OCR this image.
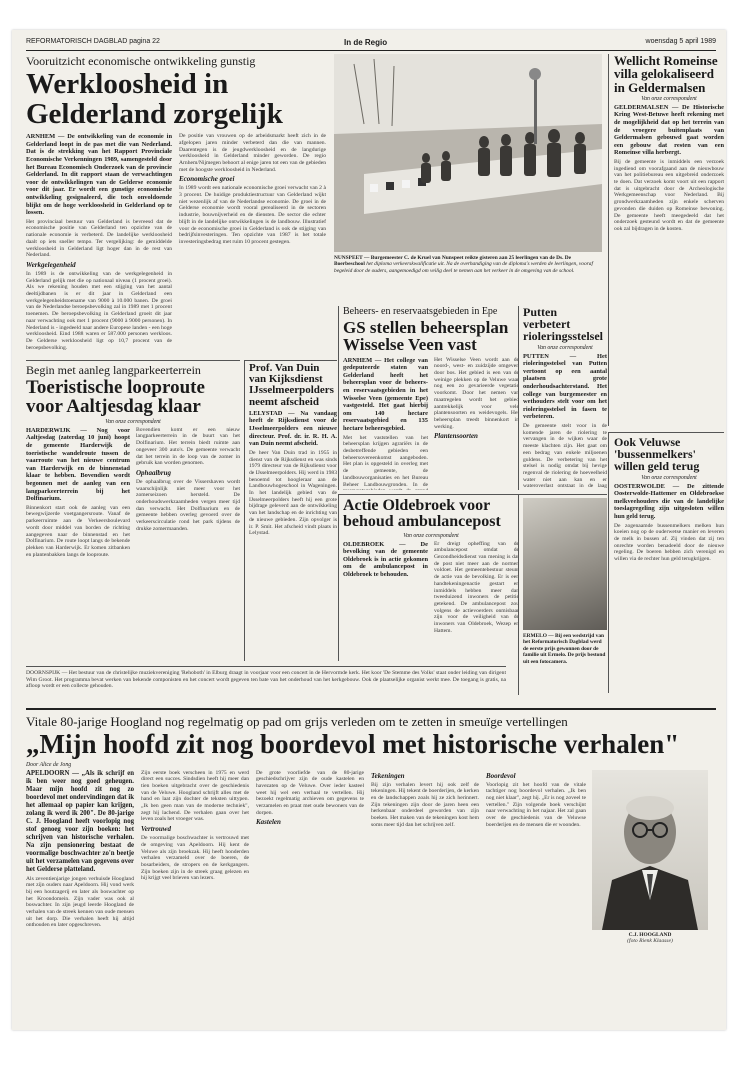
REFORMATORISCH DAGBLAD pagina 22	In de Regio	woensdag 5 april 1989
Vooruitzicht economische ontwikkeling gunstig
Werkloosheid in Gelderland zorgelijk
ARNHEM — De ontwikkeling van de economie in Gelderland loopt in de pas met die van Nederland. Dat is de strekking van het Rapport Provinciale Economische Verkenningen 1989, samengesteld door het Bureau Economisch Onderzoek van de provincie Gelderland. In dit rapport staan de verwachtingen voor de ontwikkelingen van de Gelderse economie voor dit jaar. Er wordt een gunstige economische ontwikkeling gesignaleerd, die toch onvoldoende blijkt om de hoge werkloosheid in Gelderland op te lossen.
Het provinciaal bestuur van Gelderland is bevreesd dat de economische positie van Gelderland ten opzichte van de nationale economie is verbeterd. De landelijke werkloosheid daalt op iets sneller tempo. Ter vergelijking: de gemiddelde werkloosheid in Gelderland ligt hoger dan in de rest van Nederland.
Werkgelegenheid
In 1989 is de ontwikkeling van de werkgelegenheid in Gelderland gelijk met die op nationaal niveau (1 procent groei). Als we rekening houden met een stijging van het aantal deeltijdbanen is er dit jaar in Gelderland een werkgelegenheidstoename van 9000 à 10.000 banen. De groei van de Nederlandse beroepsbevolking zal in 1989 met 1 procent toenemen. De beroepsbevolking in Gelderland groeit dit jaar naar verwachting ook met 1 procent (9000 à 9000 personen). In Nederland is - ingedeeld naar andere Europese landen - een hoge werkloosheid. Eind 1988 waren er 587.000 personen werkloos. De Gelderse werkloosheid ligt op 10,7 procent van de beroepsbevolking.
De positie van vrouwen op de arbeidsmarkt heeft zich in de afgelopen jaren minder verbeterd dan die van mannen. Daarentegen is de jeugdwerkloosheid en de langdurige werkloosheid in Gelderland minder geworden. De regio Arnhem/Nijmegen behoort al enige jaren tot een van de gebieden met de hoogste werkloosheid in Nederland.
Economische groei
In 1989 wordt een nationale economische groei verwacht van 2 à 3 procent. De huidige produktiestructuur van Gelderland wijkt niet wezenlijk af van de Nederlandse economie. De groei in de Gelderse economie wordt vooral gerealiseerd in de sectoren industrie, bouwnijverheid en de diensten. De sector die echter blijft in de landelijke ontwikkelingen is de landbouw. Illustratief voor de economische groei in Gelderland is ook de stijging van bedrijfsinvesteringen. Ten opzichte van 1987 is het totale investeringsbedrag met ruim 10 procent gestegen.
NUNSPEET — Burgemeester C. de Kruel van Nunspeet reikte gisteren aan 25 leerlingen van de Ds. De Boerbeschool het diploma verkeerskwalificatie uit. Na de overhandiging van de diploma's werden de leerlingen, vooraf begeleid door de ouders, aangemoedigd om veilig deel te nemen aan het verkeer in de omgeving van de school.
Wellicht Romeinse villa gelokaliseerd in Geldermalsen
Van onze correspondent
GELDERMALSEN — De Historische Kring West-Betuwe heeft rekening met de mogelijkheid dat op het terrein van de vroegere buitenplaats van Geldermalsen gebouwd gaat worden een gebouw dat resten van een Romeinse villa herbergt.
Bij de gemeente is inmiddels een verzoek ingediend om voorafgaand aan de nieuwbouw van het politiebureau een uitgebreid onderzoek te doen. Dat verzoek komt voort uit een rapport dat is uitgebracht door de Archeologische Werkgemeenschap voor Nederland. Bij grondwerkzaamheden zijn enkele scherven gevonden die duiden op Romeinse bewoning. De gemeente heeft meegedeeld dat het onderzoek gesteund wordt en dat de gemeente ook zal bijdragen in de kosten.
Ook Veluwse 'bussenmelkers' willen geld terug
Van onze correspondent
OOSTERWOLDE — De zittende Oosterwolde-Hattemer en Oldebroekse melkveehouders die van de landelijke toeslagregeling zijn uitgesloten willen hun geld terug.
De zogenaamde bussenmelkers melken hun koeien nog op de ouderwetse manier en leveren de melk in bussen af. Zij vinden dat zij ten onrechte worden benadeeld door de nieuwe regeling. De boeren hebben zich verenigd en willen via de rechter hun geld terugkrijgen.
Begin met aanleg langparkeerterrein
Toeristische looproute voor Aaltjesdag klaar
Van onze correspondent
HARDERWIJK — Nog voor Aaltjesdag (zaterdag 10 juni) hoopt de gemeente Harderwijk de toeristische wandelroute tussen de vaarroute van het nieuwe centrum van Harderwijk en de binnenstad klaar te hebben. Bovendien wordt begonnen met de aanleg van een langparkeerterrein bij het Dolfinarium.
Binnenkort start ook de aanleg van een bewegwijzerde voetgangersroute. Vanaf de parkeerruimte aan de Verkeersboulevard wordt door middel van borden de richting aangegeven naar de binnenstad en het Dolfinarium. De route loopt langs de bekende plekken van Harderwijk. Er komen zitbanken en plantenbakken langs de looproute.
Bovendien komt er een nieuw langparkeerterrein in de buurt van het Dolfinarium. Het terrein biedt ruimte aan ongeveer 300 auto's. De gemeente verwacht dat het terrein in de loop van de zomer in gebruik kan worden genomen.
Ophaalbrug
De ophaalbrug over de Vissershaven wordt waarschijnlijk niet meer voor het zomerseizoen hersteld. De onderhoudswerkzaamheden vergen meer tijd dan verwacht. Het Dolfinarium en de gemeente hebben overleg gevoerd over de verkeerscirculatie rond het park tijdens de drukke zomermaanden.
Prof. Van Duin van Kijksdienst IJsselmeerpolders neemt afscheid
LELYSTAD — Na vandaag heeft de Rijksdienst voor de IJsselmeerpolders een nieuwe directeur. Prof. dr. ir. R. H. A. van Duin neemt afscheid.
De heer Van Duin trad in 1955 in dienst van de Rijksdienst en was sinds 1979 directeur van de Rijksdienst voor de IJsselmeerpolders. Hij werd in 1983 benoemd tot hoogleraar aan de Landbouwhogeschool in Wageningen. In het landelijk gebied van de IJsselmeerpolders heeft hij een grote bijdrage geleverd aan de ontwikkeling van het landschap en de inrichting van de nieuwe gebieden. Zijn opvolger is ir. P. Smit. Het afscheid vindt plaats in Lelystad.
Beheers- en reservaatsgebieden in Epe
GS stellen beheersplan Wisselse Veen vast
ARNHEM — Het college van gedeputeerde staten van Gelderland heeft het beheersplan voor de beheers- en reservaatsgebieden in het Wisselse Veen (gemeente Epe) vastgesteld. Het gaat hierbij om 140 hectare reservaatsgebied en 135 hectare beheersgebied.
Met het vaststellen van het beheersplan krijgen agrariërs in de desbetreffende gebieden een beheersovereenkomst aangeboden. Het plan is opgesteld in overleg met de gemeente, de landbouworganisaties en het Bureau Beheer Landbouwgronden. In de
Het Wisselse Veen wordt aan de noord-, west- en zuidzijde omgeven door bos. Het gebied is een van de weinige plekken op de Veluwe waar nog een zo gevarieerde vegetatie voorkomt. Door het nemen van maatregelen wordt het gebied aantrekkelijk voor vele plantensoorten en weidevogels. Het beheersplan treedt binnenkort in werking.
Plantensoorten
Putten verbetert rioleringsstelsel
Van onze correspondent
PUTTEN — Het rioleringsstelsel van Putten vertoont op een aantal plaatsen grote onderhoudsachterstand. Het college van burgemeester en wethouders stelt voor om het rioleringsstelsel in fasen te verbeteren.
De gemeente stelt voor in de komende jaren de riolering te vervangen in de wijken waar de meeste klachten zijn. Het gaat om een bedrag van enkele miljoenen guldens. De verbetering van het stelsel is nodig omdat bij hevige regenval de riolering de hoeveelheid water niet aan kan en er wateroverlast ontstaat in de laag
Actie Oldebroek voor behoud ambulancepost
Van onze correspondent
OLDEBROEK — De bevolking van de gemeente Oldebroek is in actie gekomen om de ambulancepost in Oldebroek te behouden.
Er dreigt opheffing van de ambulancepost omdat de Gezondheidsdienst van mening is dat de post niet meer aan de normen voldoet. Het gemeentebestuur steunt de actie van de bevolking. Er is een handtekeningenactie gestart en inmiddels hebben meer dan tweeduizend inwoners de petitie getekend. De ambulancepost zou volgens de actievoerders onmisbaar zijn voor de veiligheid van de inwoners van Oldebroek, Wezep en Hattem.
ERMELO — Bij een wedstrijd van het Reformatorisch Dagblad werd de eerste prijs gewonnen door de familie uit Ermelo. De prijs bestond uit een fotocamera.
DOORNSPIJK — Het bestuur van de christelijke muziekvereniging 'Rehoboth' in Elburg draagt in voorjaar voor een concert in de Hervormde kerk. Het koor 'De Stemme des Volks' staat onder leiding van dirigent Wim Groot. Het programma bevat werken van bekende componisten en het concert wordt gegeven ten bate van het onderhoud van het kerkgebouw. Ook de plaatselijke organist werkt mee. De toegang is gratis, na afloop wordt er een collecte gehouden.
Vitale 80-jarige Hoogland nog regelmatig op pad om grijs verleden om te zetten in smeuïge vertellingen
„Mijn hoofd zit nog boordevol met historische verhalen"
Door Alice de Jong
APELDOORN — „Als ik schrijf en ik ben weer nog goed geheugen. Maar mijn hoofd zit nog zo boordevol met ondervindingen dat ik het allemaal op papier kan krijgen, zolang ik werd ik 200". De 80-jarige C. J. Hoogland heeft voorlopig nog stof genoeg voor zijn boeken: het schrijven van historische verhalen. Na zijn pensionering bestaat de voormalige boschwachter zo'n beetje uit het verzamelen van gegevens over het Gelderse platteland.
Als zeventienjarige jongen verhuisde Hoogland met zijn ouders naar Apeldoorn. Hij vond werk bij een houtzagerij en later als boswachter op het Kroondomein. Zijn vader was ook al boswachter. In zijn jeugd leerde Hoogland de verhalen van de streek kennen van oude mensen uit het dorp. Die verhalen heeft hij altijd onthouden en later opgeschreven.
Zijn eerste boek verscheen in 1975 en werd direct een succes. Sindsdien heeft hij meer dan tien boeken uitgebracht over de geschiedenis van de Veluwe. Hoogland schrijft alles met de hand en laat zijn dochter de teksten uittypen. „Ik ben geen man van de moderne techniek", zegt hij lachend. De verhalen gaan over het leven zoals het vroeger was.
Vertrouwd
De voormalige boschwachter is vertrouwd met de omgeving van Apeldoorn. Hij kent de Veluwe als zijn broekzak. Hij heeft honderden verhalen verzameld over de boeren, de bosarbeiders, de stropers en de kerkgangers. Zijn boeken zijn in de streek graag gelezen en hij krijgt veel brieven van lezers.
De grote voorliefde van de 80-jarige geschiedschrijver zijn de oude kastelen en havezaten op de Veluwe. Over ieder kasteel weet hij wel een verhaal te vertellen. Hij bezoekt regelmatig archieven om gegevens te verzamelen en praat met oude bewoners van de dorpen.
Kastelen
Tekeningen
Bij zijn verhalen levert hij ook zelf de tekeningen. Hij tekent de boerderijen, de kerken en de landschappen zoals hij ze zich herinnert. Zijn tekeningen zijn door de jaren heen een herkenbaar onderdeel geworden van zijn boeken. Het maken van de tekeningen kost hem soms meer tijd dan het schrijven zelf.
Boordevol
Voorlopig zit het hoofd van de vitale tachtiger nog boordevol verhalen. „Ik ben nog niet klaar", zegt hij. „Er is nog zoveel te vertellen." Zijn volgende boek verschijnt naar verwachting in het najaar. Het zal gaan over de geschiedenis van de Veluwse boerderijen en de mensen die er woonden.
C.J. HOOGLAND
(foto Rienk Klaasse)
